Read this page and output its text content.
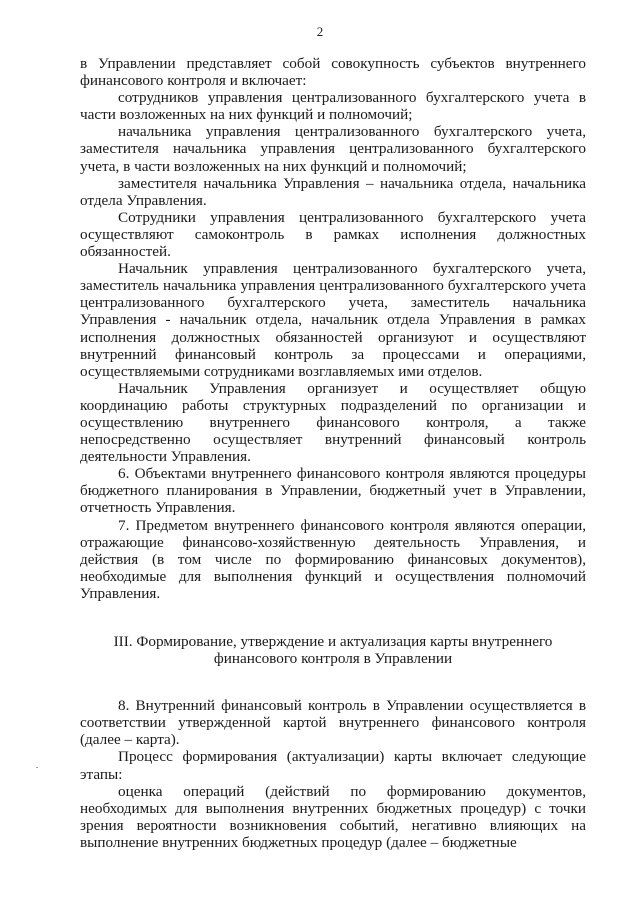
2

в Управлении представляет собой совокупность субъектов внутреннего финансового контроля и включает:

сотрудников управления централизованного бухгалтерского учета в части возложенных на них функций и полномочий;

начальника управления централизованного бухгалтерского учета, заместителя начальника управления централизованного бухгалтерского учета, в части возложенных на них функций и полномочий;

заместителя начальника Управления – начальника отдела, начальника отдела Управления.

Сотрудники управления централизованного бухгалтерского учета осуществляют самоконтроль в рамках исполнения должностных обязанностей.

Начальник управления централизованного бухгалтерского учета, заместитель начальника управления централизованного бухгалтерского учета централизованного бухгалтерского учета, заместитель начальника Управления - начальник отдела, начальник отдела Управления в рамках исполнения должностных обязанностей организуют и осуществляют внутренний финансовый контроль за процессами и операциями, осуществляемыми сотрудниками возглавляемых ими отделов.

Начальник Управления организует и осуществляет общую координацию работы структурных подразделений по организации и осуществлению внутреннего финансового контроля, а также непосредственно осуществляет внутренний финансовый контроль деятельности Управления.

6. Объектами внутреннего финансового контроля являются процедуры бюджетного планирования в Управлении, бюджетный учет в Управлении, отчетность Управления.

7. Предметом внутреннего финансового контроля являются операции, отражающие финансово-хозяйственную деятельность Управления, и действия (в том числе по формированию финансовых документов), необходимые для выполнения функций и осуществления полномочий Управления.

III. Формирование, утверждение и актуализация карты внутреннего
финансового контроля в Управлении

8. Внутренний финансовый контроль в Управлении осуществляется в соответствии утвержденной картой внутреннего финансового контроля (далее – карта).

Процесс формирования (актуализации) карты включает следующие этапы:

оценка операций (действий по формированию документов, необходимых для выполнения внутренних бюджетных процедур) с точки зрения вероятности возникновения событий, негативно влияющих на выполнение внутренних бюджетных процедур (далее – бюджетные
